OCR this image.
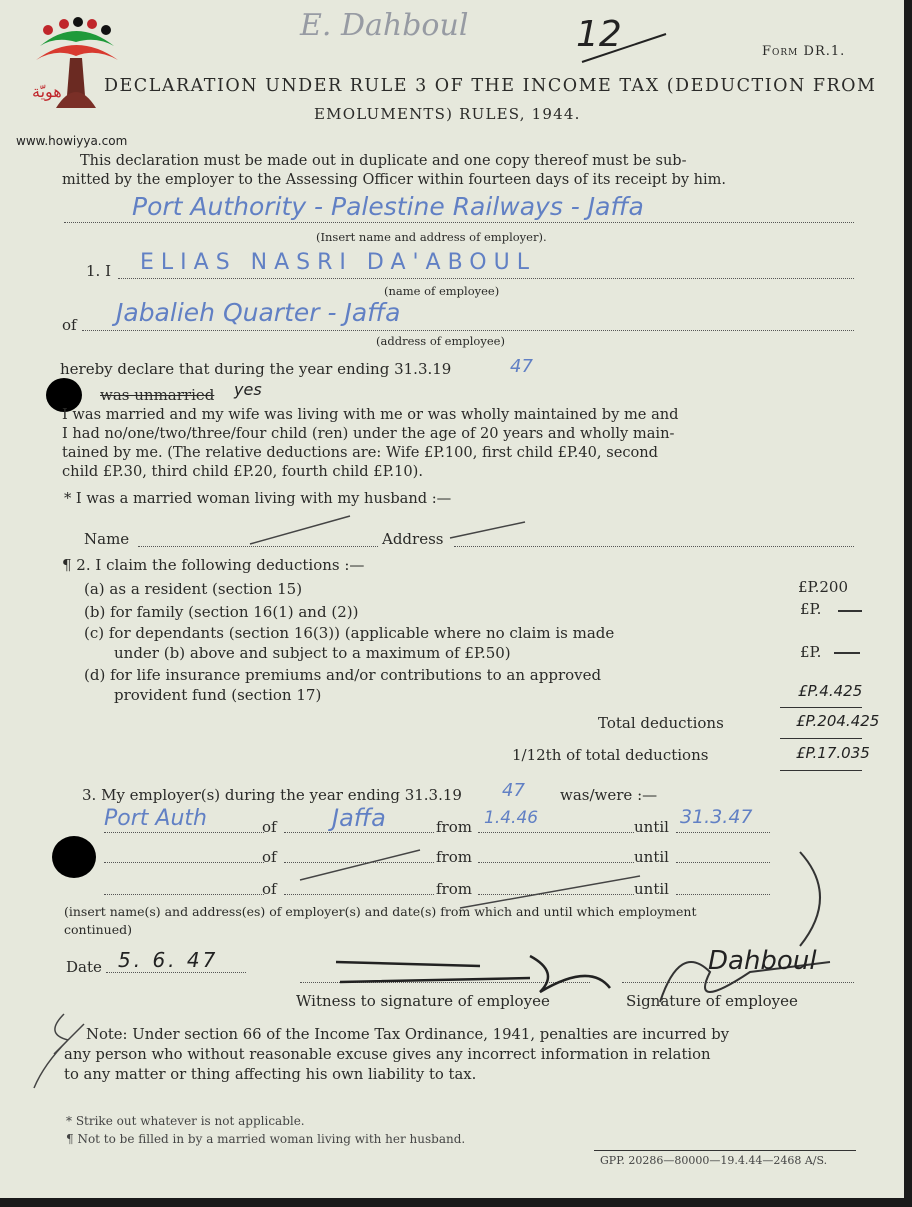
هويّة
www.howiyya.com
E. Dahboul	12	Form DR.1.
DECLARATION UNDER RULE 3 OF THE INCOME TAX (DEDUCTION FROM
EMOLUMENTS) RULES, 1944.
This declaration must be made out in duplicate and one copy thereof must be sub-
mitted by the employer to the Assessing Officer within fourteen days of its receipt by him.
Port Authority - Palestine Railways - Jaffa
(Insert name and address of employer).
1. I ELIAS NASRI DA'ABOUL
(name of employee)
of Jabalieh Quarter - Jaffa
(address of employee)
hereby declare that during the year ending 31.3.19	47
was unmarried yes
I was married and my wife was living with me or was wholly maintained by me and
I had no/one/two/three/four child (ren) under the age of 20 years and wholly main-
tained by me. (The relative deductions are: Wife £P.100, first child £P.40, second
child £P.30, third child £P.20, fourth child £P.10).
* I was a married woman living with my husband :—
Name	Address
¶ 2. I claim the following deductions :—
(a) as a resident (section 15)	£P.200
(b) for family (section 16(1) and (2))	£P.
(c) for dependants (section 16(3)) (applicable where no claim is made
under (b) above and subject to a maximum of £P.50)	£P.
(d) for life insurance premiums and/or contributions to an approved
provident fund (section 17)	£P.4.425
Total deductions	£P.204.425
1/12th of total deductions	£P.17.035
3. My employer(s) during the year ending 31.3.19 47 was/were :—
Port Auth	of Jaffa	from 1.4.46	until 31.3.47
of	from	until
of	from	until
(insert name(s) and address(es) of employer(s) and date(s) from which and until which employment
continued)
Date 5. 6. 47	Dahboul
Witness to signature of employee	Signature of employee
Note: Under section 66 of the Income Tax Ordinance, 1941, penalties are incurred by
any person who without reasonable excuse gives any incorrect information in relation
to any matter or thing affecting his own liability to tax.
* Strike out whatever is not applicable.
¶ Not to be filled in by a married woman living with her husband.
GPP. 20286—80000—19.4.44—2468 A/S.
